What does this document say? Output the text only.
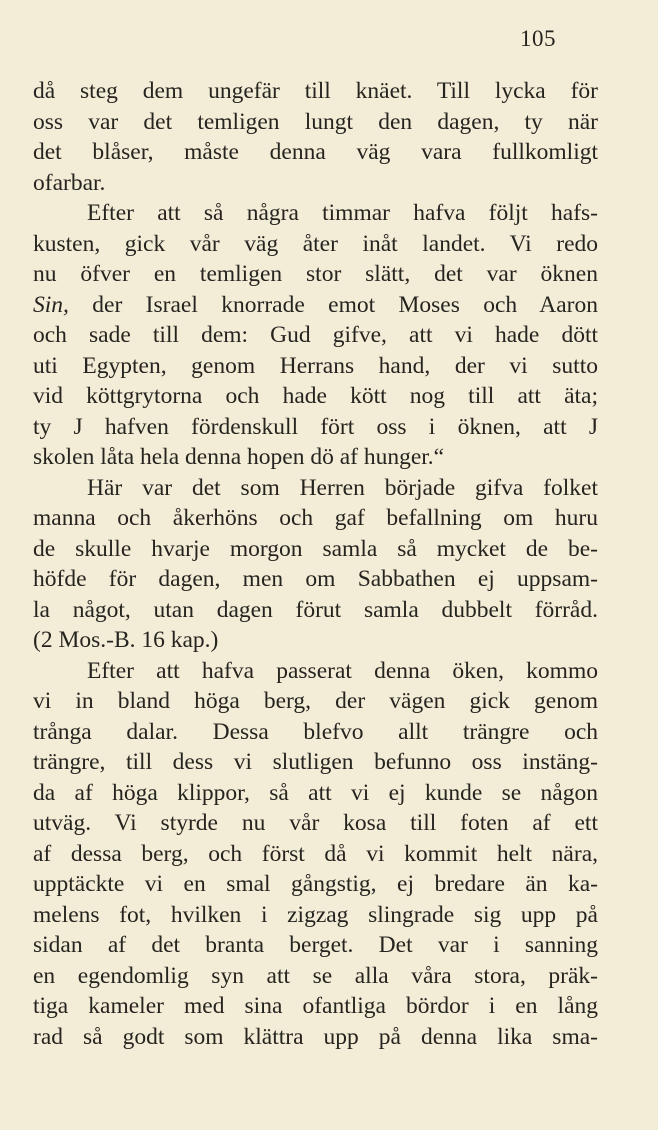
105
då steg dem ungefär till knäet. Till lycka för
oss var det temligen lungt den dagen, ty när
det blåser, måste denna väg vara fullkomligt
ofarbar.
Efter att så några timmar hafva följt hafs-
kusten, gick vår väg åter inåt landet. Vi redo
nu öfver en temligen stor slätt, det var öknen
Sin, der Israel knorrade emot Moses och Aaron
och sade till dem: Gud gifve, att vi hade dött
uti Egypten, genom Herrans hand, der vi sutto
vid köttgrytorna och hade kött nog till att äta;
ty J hafven fördenskull fört oss i öknen, att J
skolen låta hela denna hopen dö af hunger.“
Här var det som Herren började gifva folket
manna och åkerhöns och gaf befallning om huru
de skulle hvarje morgon samla så mycket de be-
höfde för dagen, men om Sabbathen ej uppsam-
la något, utan dagen förut samla dubbelt förråd.
(2 Mos.-B. 16 kap.)
Efter att hafva passerat denna öken, kommo
vi in bland höga berg, der vägen gick genom
trånga dalar. Dessa blefvo allt trängre och
trängre, till dess vi slutligen befunno oss instäng-
da af höga klippor, så att vi ej kunde se någon
utväg. Vi styrde nu vår kosa till foten af ett
af dessa berg, och först då vi kommit helt nära,
upptäckte vi en smal gångstig, ej bredare än ka-
melens fot, hvilken i zigzag slingrade sig upp på
sidan af det branta berget. Det var i sanning
en egendomlig syn att se alla våra stora, präk-
tiga kameler med sina ofantliga bördor i en lång
rad så godt som klättra upp på denna lika sma-
